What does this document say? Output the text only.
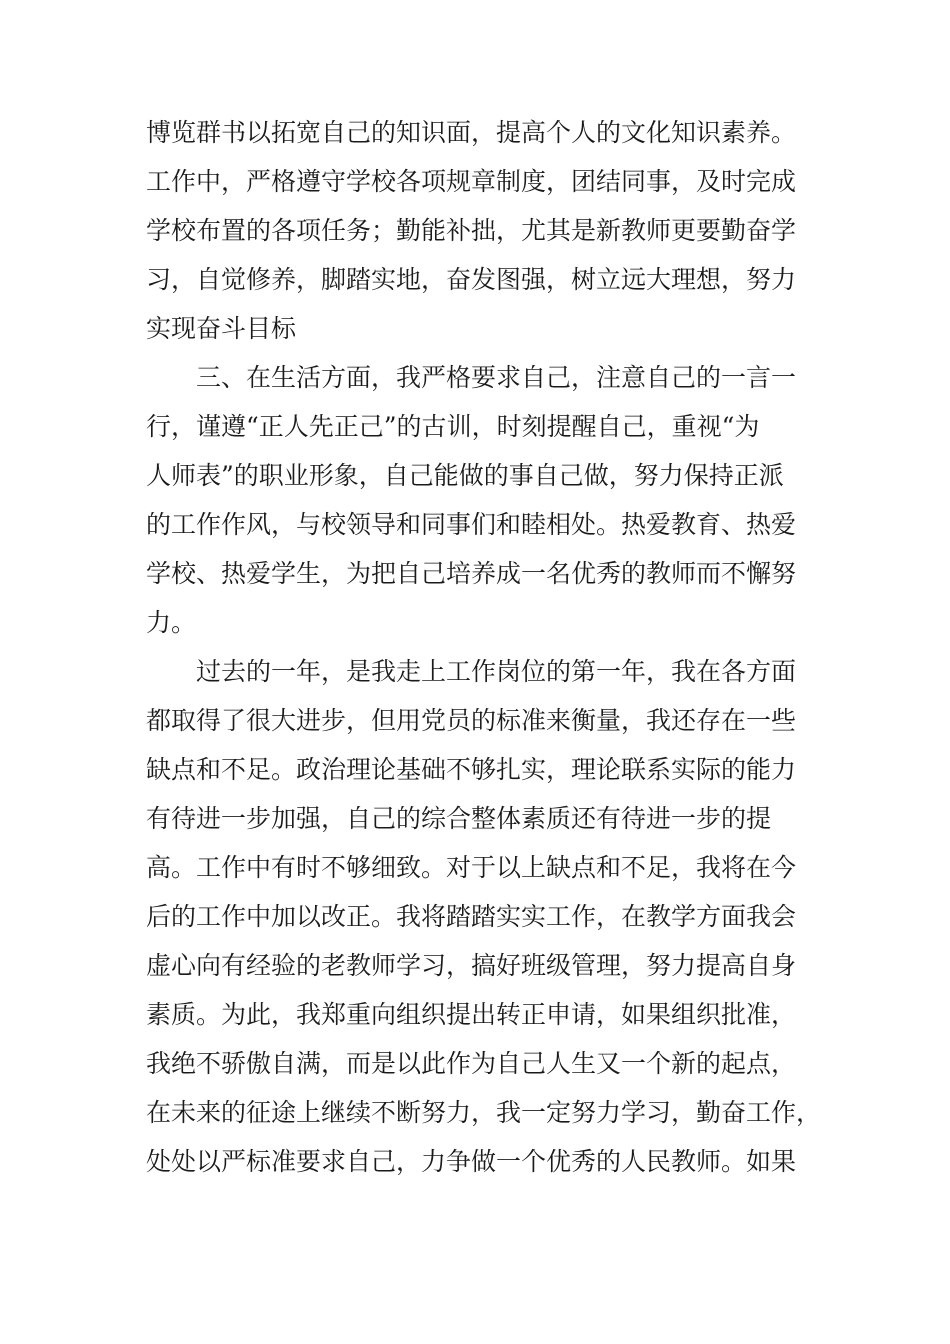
博览群书以拓宽自己的知识面，提高个人的文化知识素养。
工作中，严格遵守学校各项规章制度，团结同事，及时完成
学校布置的各项任务；勤能补拙，尤其是新教师更要勤奋学
习，自觉修养，脚踏实地，奋发图强，树立远大理想，努力
实现奋斗目标
三、在生活方面，我严格要求自己，注意自己的一言一
行，谨遵“正人先正己”的古训，时刻提醒自己，重视“为
人师表”的职业形象，自己能做的事自己做，努力保持正派
的工作作风，与校领导和同事们和睦相处。热爱教育、热爱
学校、热爱学生，为把自己培养成一名优秀的教师而不懈努
力。
过去的一年，是我走上工作岗位的第一年，我在各方面
都取得了很大进步，但用党员的标准来衡量，我还存在一些
缺点和不足。政治理论基础不够扎实，理论联系实际的能力
有待进一步加强，自己的综合整体素质还有待进一步的提
高。工作中有时不够细致。对于以上缺点和不足，我将在今
后的工作中加以改正。我将踏踏实实工作，在教学方面我会
虚心向有经验的老教师学习，搞好班级管理，努力提高自身
素质。为此，我郑重向组织提出转正申请，如果组织批准，
我绝不骄傲自满，而是以此作为自己人生又一个新的起点，
在未来的征途上继续不断努力，我一定努力学习，勤奋工作，
处处以严标准要求自己，力争做一个优秀的人民教师。如果
